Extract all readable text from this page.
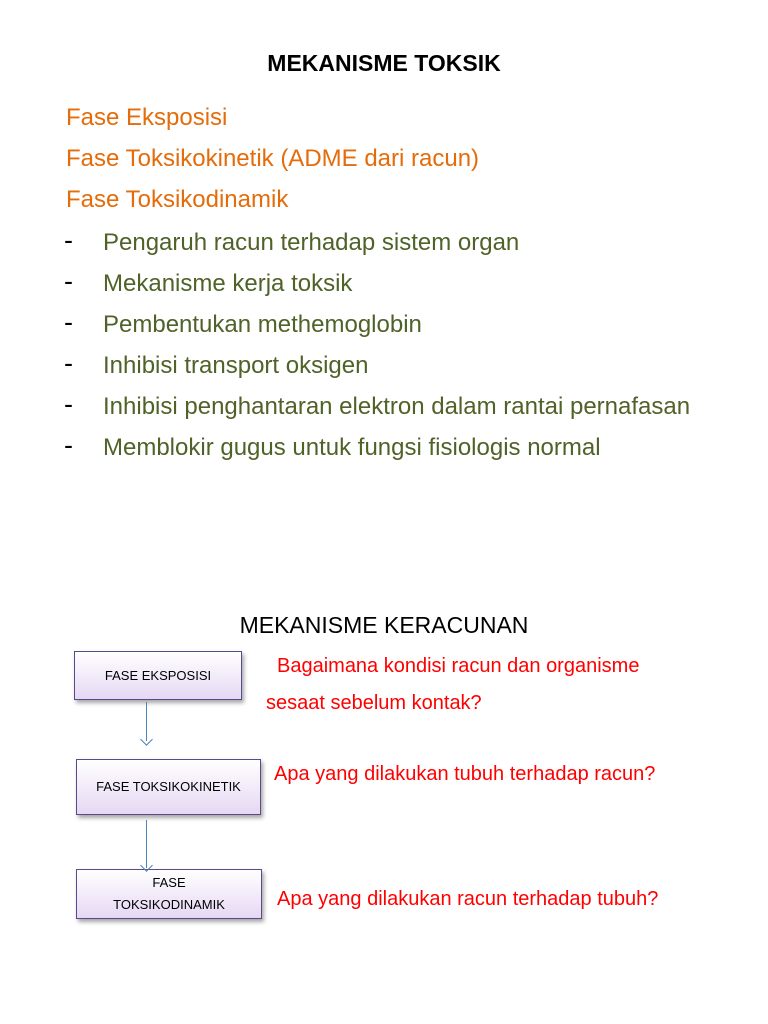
MEKANISME TOKSIK
Fase Eksposisi
Fase Toksikokinetik (ADME dari racun)
Fase Toksikodinamik
-	Pengaruh racun terhadap sistem organ
-	Mekanisme kerja toksik
-	Pembentukan methemoglobin
-	Inhibisi transport oksigen
-	Inhibisi penghantaran elektron dalam rantai pernafasan
-	Memblokir gugus untuk fungsi fisiologis normal
MEKANISME KERACUNAN
FASE EKSPOSISI
FASE TOKSIKOKINETIK
FASE TOKSIKODINAMIK
Bagaimana kondisi racun dan organisme
sesaat sebelum kontak?
Apa yang dilakukan tubuh terhadap racun?
Apa yang dilakukan racun terhadap tubuh?
